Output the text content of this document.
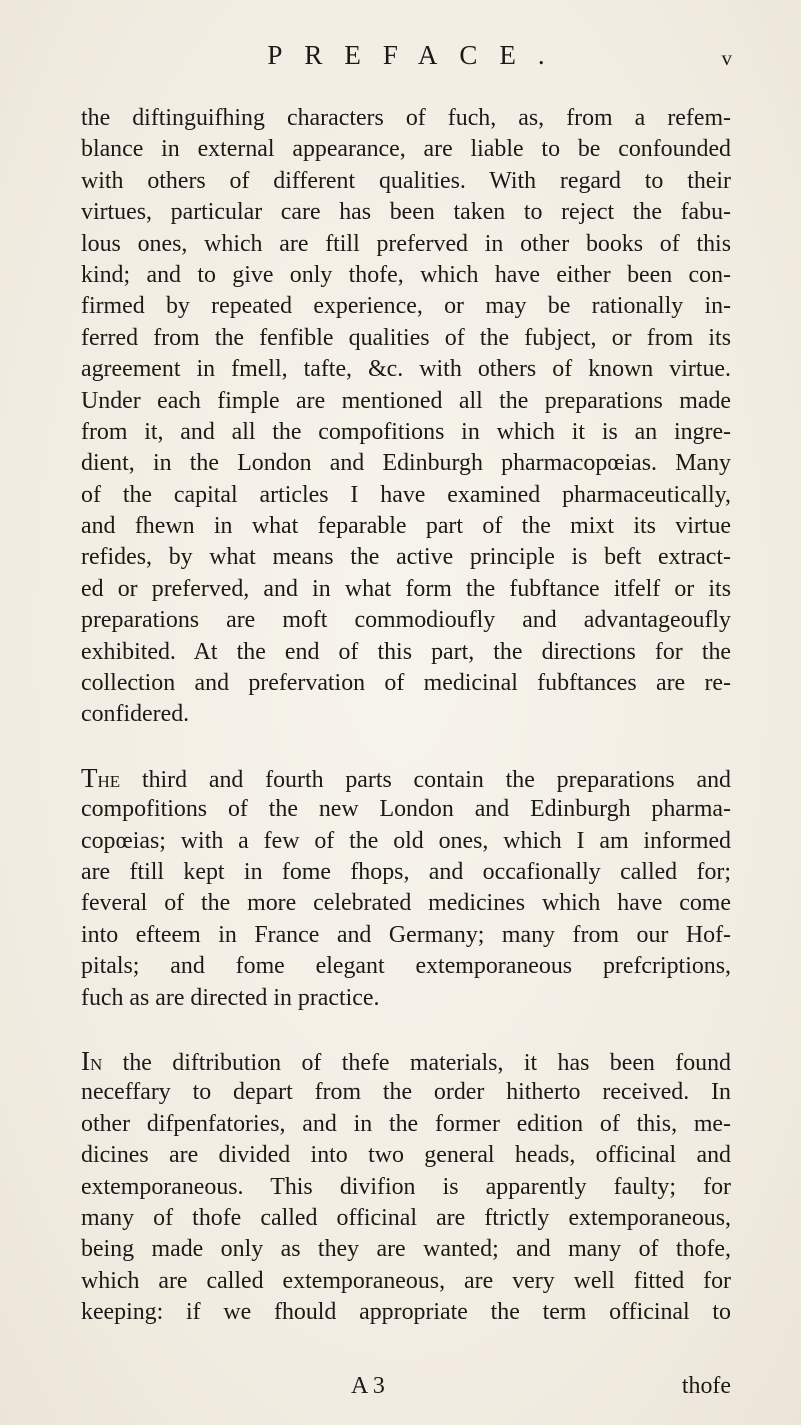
PREFACE.	v
the diftinguifhing characters of fuch, as, from a refem-
blance in external appearance, are liable to be confounded
with others of different qualities. With regard to their
virtues, particular care has been taken to reject the fabu-
lous ones, which are ftill preferved in other books of this
kind; and to give only thofe, which have either been con-
firmed by repeated experience, or may be rationally in-
ferred from the fenfible qualities of the fubject, or from its
agreement in fmell, tafte, &c. with others of known virtue.
Under each fimple are mentioned all the preparations made
from it, and all the compofitions in which it is an ingre-
dient, in the London and Edinburgh pharmacopœias. Many
of the capital articles I have examined pharmaceutically,
and fhewn in what feparable part of the mixt its virtue
refides, by what means the active principle is beft extract-
ed or preferved, and in what form the fubftance itfelf or its
preparations are moft commodioufly and advantageoufly
exhibited. At the end of this part, the directions for the
collection and prefervation of medicinal fubftances are re-
confidered.
The third and fourth parts contain the preparations and
compofitions of the new London and Edinburgh pharma-
copœias; with a few of the old ones, which I am informed
are ftill kept in fome fhops, and occafionally called for;
feveral of the more celebrated medicines which have come
into efteem in France and Germany; many from our Hof-
pitals; and fome elegant extemporaneous prefcriptions,
fuch as are directed in practice.
In the diftribution of thefe materials, it has been found
neceffary to depart from the order hitherto received. In
other difpenfatories, and in the former edition of this, me-
dicines are divided into two general heads, officinal and
extemporaneous. This divifion is apparently faulty; for
many of thofe called officinal are ftrictly extemporaneous,
being made only as they are wanted; and many of thofe,
which are called extemporaneous, are very well fitted for
keeping: if we fhould appropriate the term officinal to
A 3	thofe
